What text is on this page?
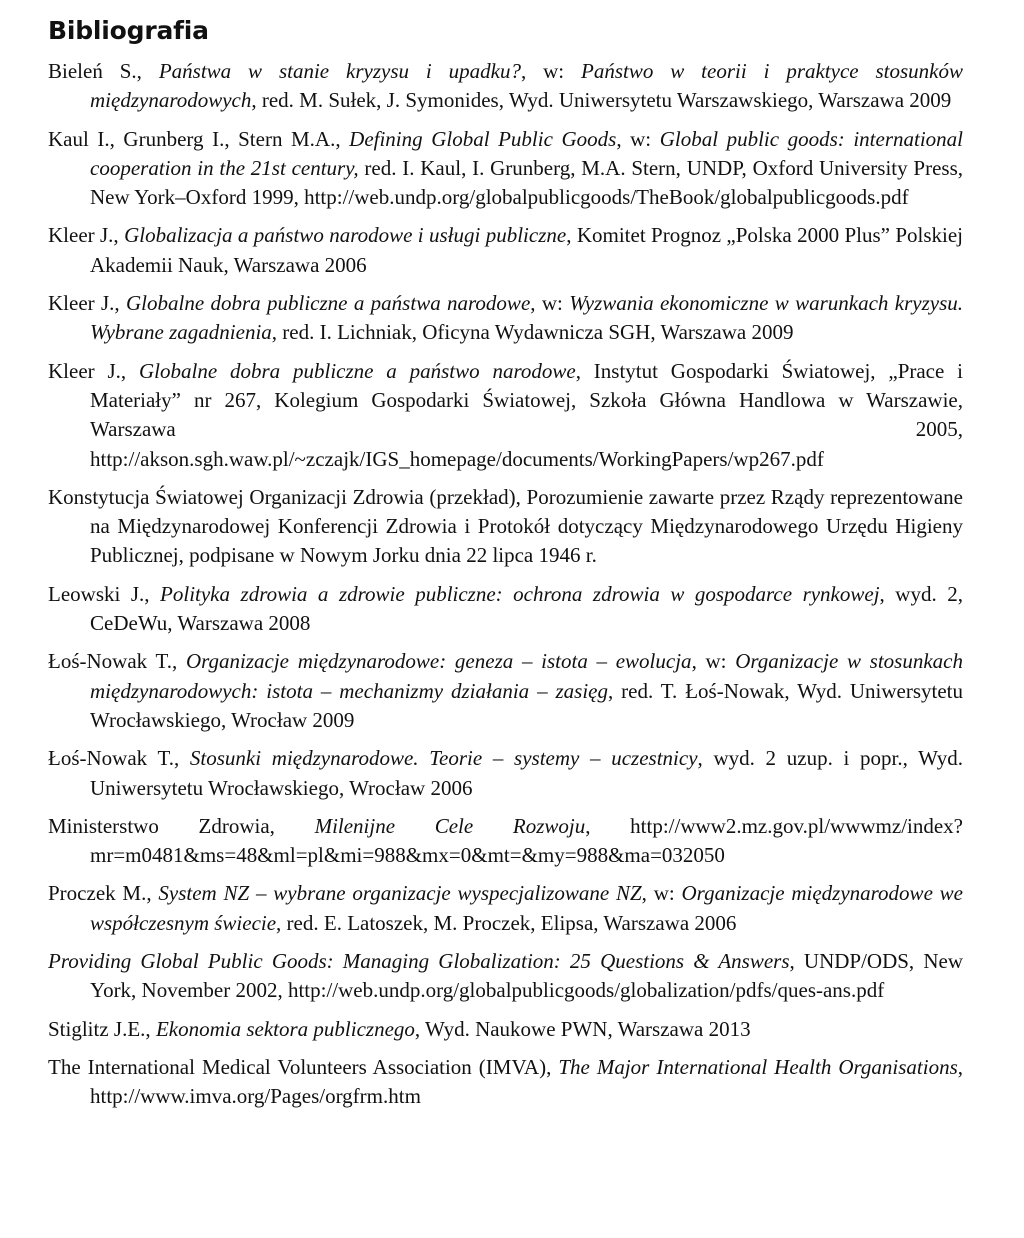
Bibliografia
Bieleń S., Państwa w stanie kryzysu i upadku?, w: Państwo w teorii i praktyce stosunków międzynarodowych, red. M. Sułek, J. Symonides, Wyd. Uniwersytetu Warszawskiego, Warszawa 2009
Kaul I., Grunberg I., Stern M.A., Defining Global Public Goods, w: Global public goods: international cooperation in the 21st century, red. I. Kaul, I. Grunberg, M.A. Stern, UNDP, Oxford University Press, New York–Oxford 1999, http://web.undp.org/globalpublicgoods/TheBook/globalpublicgoods.pdf
Kleer J., Globalizacja a państwo narodowe i usługi publiczne, Komitet Prognoz „Polska 2000 Plus” Polskiej Akademii Nauk, Warszawa 2006
Kleer J., Globalne dobra publiczne a państwa narodowe, w: Wyzwania ekonomiczne w warunkach kryzysu. Wybrane zagadnienia, red. I. Lichniak, Oficyna Wydawnicza SGH, Warszawa 2009
Kleer J., Globalne dobra publiczne a państwo narodowe, Instytut Gospodarki Światowej, „Prace i Materiały” nr 267, Kolegium Gospodarki Światowej, Szkoła Główna Handlowa w Warszawie, Warszawa 2005, http://akson.sgh.waw.pl/~zczajk/IGS_homepage/documents/WorkingPapers/wp267.pdf
Konstytucja Światowej Organizacji Zdrowia (przekład), Porozumienie zawarte przez Rządy reprezentowane na Międzynarodowej Konferencji Zdrowia i Protokół dotyczący Międzynarodowego Urzędu Higieny Publicznej, podpisane w Nowym Jorku dnia 22 lipca 1946 r.
Leowski J., Polityka zdrowia a zdrowie publiczne: ochrona zdrowia w gospodarce rynkowej, wyd. 2, CeDeWu, Warszawa 2008
Łoś-Nowak T., Organizacje międzynarodowe: geneza – istota – ewolucja, w: Organizacje w stosunkach międzynarodowych: istota – mechanizmy działania – zasięg, red. T. Łoś-Nowak, Wyd. Uniwersytetu Wrocławskiego, Wrocław 2009
Łoś-Nowak T., Stosunki międzynarodowe. Teorie – systemy – uczestnicy, wyd. 2 uzup. i popr., Wyd. Uniwersytetu Wrocławskiego, Wrocław 2006
Ministerstwo Zdrowia, Milenijne Cele Rozwoju, http://www2.mz.gov.pl/wwwmz/index?mr=m0481&ms=48&ml=pl&mi=988&mx=0&mt=&my=988&ma=032050
Proczek M., System NZ – wybrane organizacje wyspecjalizowane NZ, w: Organizacje międzynarodowe we współczesnym świecie, red. E. Latoszek, M. Proczek, Elipsa, Warszawa 2006
Providing Global Public Goods: Managing Globalization: 25 Questions & Answers, UNDP/ODS, New York, November 2002, http://web.undp.org/globalpublicgoods/globalization/pdfs/ques-ans.pdf
Stiglitz J.E., Ekonomia sektora publicznego, Wyd. Naukowe PWN, Warszawa 2013
The International Medical Volunteers Association (IMVA), The Major International Health Organisations, http://www.imva.org/Pages/orgfrm.htm
